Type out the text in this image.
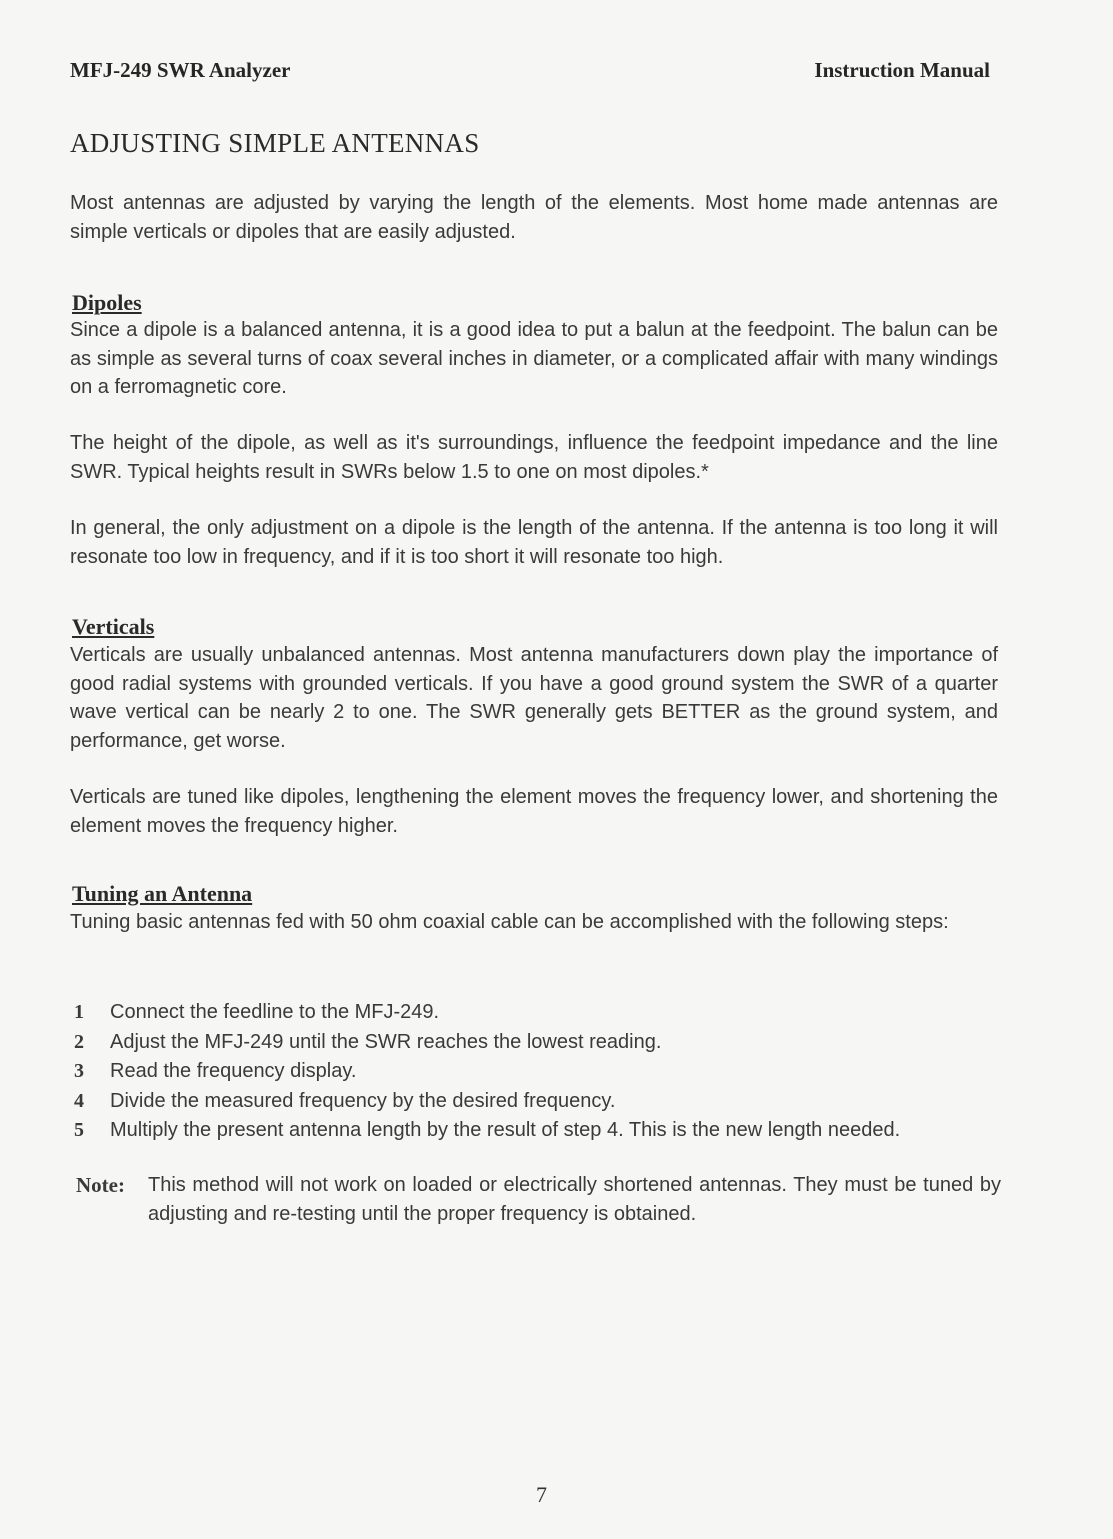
MFJ-249 SWR Analyzer	Instruction Manual
ADJUSTING SIMPLE ANTENNAS

Most antennas are adjusted by varying the length of the elements. Most home made antennas are simple verticals or dipoles that are easily adjusted.

Dipoles

Since a dipole is a balanced antenna, it is a good idea to put a balun at the feedpoint. The balun can be as simple as several turns of coax several inches in diameter, or a complicated affair with many windings on a ferromagnetic core.

The height of the dipole, as well as it's surroundings, influence the feedpoint impedance and the line SWR. Typical heights result in SWRs below 1.5 to one on most dipoles.*

In general, the only adjustment on a dipole is the length of the antenna. If the antenna is too long it will resonate too low in frequency, and if it is too short it will resonate too high.

Verticals

Verticals are usually unbalanced antennas. Most antenna manufacturers down play the importance of good radial systems with grounded verticals. If you have a good ground system the SWR of a quarter wave vertical can be nearly 2 to one. The SWR generally gets BETTER as the ground system, and performance, get worse.

Verticals are tuned like dipoles, lengthening the element moves the frequency lower, and shortening the element moves the frequency higher.

Tuning an Antenna

Tuning basic antennas fed with 50 ohm coaxial cable can be accomplished with the following steps:

1 Connect the feedline to the MFJ-249.
2 Adjust the MFJ-249 until the SWR reaches the lowest reading.
3 Read the frequency display.
4 Divide the measured frequency by the desired frequency.
5 Multiply the present antenna length by the result of step 4. This is the new length needed.
Note: This method will not work on loaded or electrically shortened antennas. They must be tuned by adjusting and re-testing until the proper frequency is obtained.

7
